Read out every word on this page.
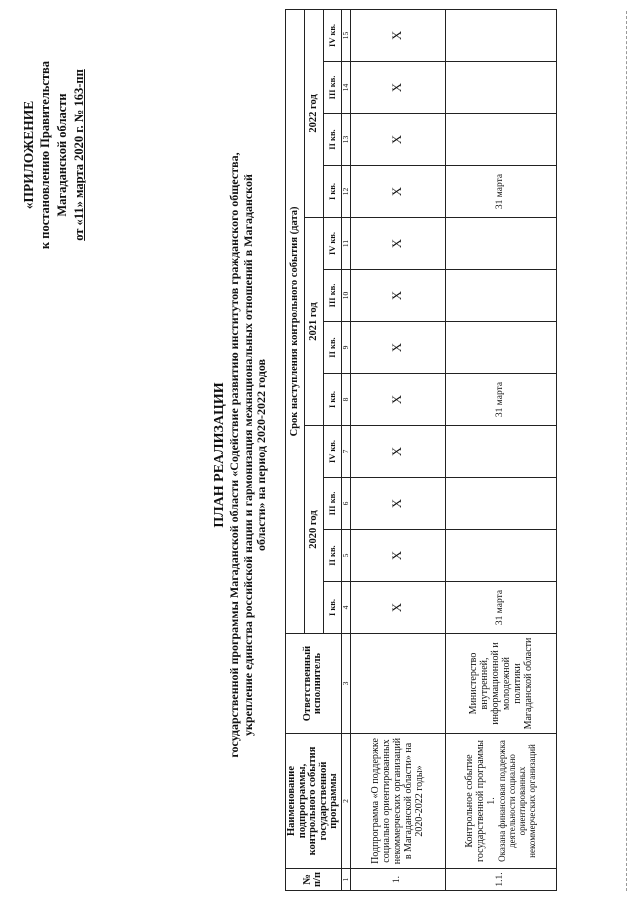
«ПРИЛОЖЕНИЕ к постановлению Правительства Магаданской области от «11» марта 2020 г. № 163-пп
ПЛАН РЕАЛИЗАЦИИ государственной программы Магаданской области «Содействие развитию институтов гражданского общества, укрепление единства российской нации и гармонизация межнациональных отношений в Магаданской области» на период 2020-2022 годов
№ п/п	Наименование подпрограммы, контрольного события государственной программы	Ответственный исполнитель	Срок наступления контрольного события (дата)											
			2020 год				2021 год				2022 год			
			I кв.	II кв.	III кв.	IV кв.	I кв.	II кв.	III кв.	IV кв.	I кв.	II кв.	III кв.	IV кв.
1	2	3	4	5	6	7	8	9	10	11	12	13	14	15
1.	Подпрограмма «О поддержке социально ориентированных некоммерческих организаций в Магаданской области» на 2020-2022 годы»		X	X	X	X	X	X	X	X	X	X	X	X
1.1.	Контрольное событие государственной программы 1. Оказана финансовая поддержка деятельности социально ориентированных некоммерческих организаций	Министерство внутренней, информационной и молодежной политики Магаданской области	31 марта				31 марта				31 марта			
